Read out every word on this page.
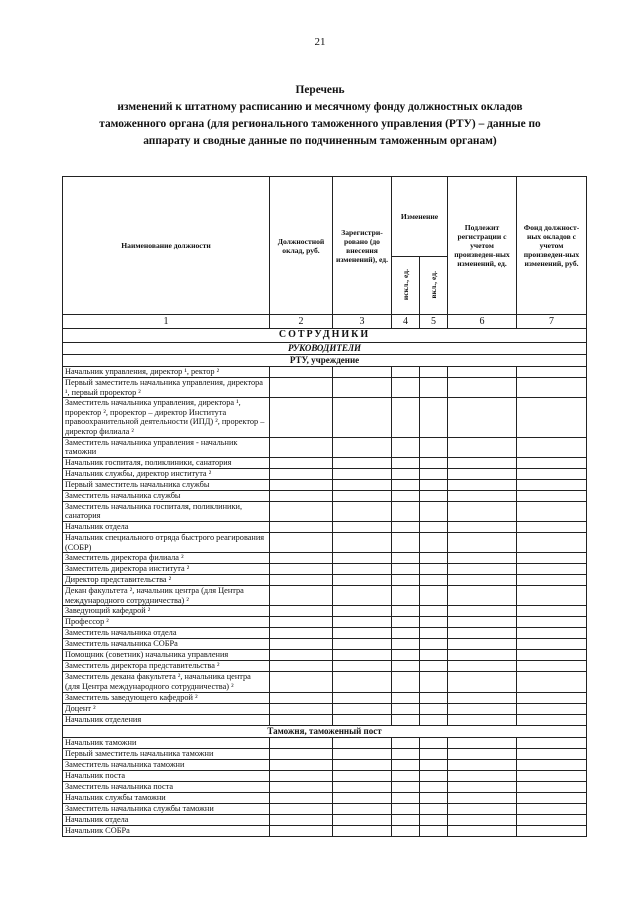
21
Перечень
изменений к штатному расписанию и месячному фонду должностных окладов
таможенного органа (для регионального таможенного управления (РТУ) – данные по
аппарату и сводные данные по подчиненным таможенным органам)
Наименование должности	Должностной оклад, руб.	Зарегистри-ровано (до внесения изменений), ед.	Изменение		Подлежит регистрации с учетом произведен-ных изменений, ед.	Фонд должност-ных окладов с учетом произведен-ных изменений, руб.
			искл., ед.	вкл., ед.		
1	2	3	4	5	6	7
СОТРУДНИКИ						
РУКОВОДИТЕЛИ						
РТУ, учреждение						
Начальник управления, директор ¹, ректор ²						
Первый заместитель начальника управления, директора ¹, первый проректор ²						
Заместитель начальника управления, директора ¹, проректор ², проректор – директор Института правоохранительной деятельности (ИПД) ², проректор – директор филиала ²						
Заместитель начальника управления - начальник таможни						
Начальник госпиталя, поликлиники, санатория						
Начальник службы, директор института ²						
Первый заместитель начальника службы						
Заместитель начальника службы						
Заместитель начальника госпиталя, поликлиники, санатория						
Начальник отдела						
Начальник специального отряда быстрого реагирования (СОБР)						
Заместитель директора филиала ²						
Заместитель директора института ²						
Директор представительства ²						
Декан факультета ², начальник центра (для Центра международного сотрудничества) ²						
Заведующий кафедрой ²						
Профессор ²						
Заместитель начальника отдела						
Заместитель начальника СОБРа						
Помощник (советник) начальника управления						
Заместитель директора представительства ²						
Заместитель декана факультета ², начальника центра (для Центра международного сотрудничества) ²						
Заместитель заведующего кафедрой ²						
Доцент ²						
Начальник отделения						
Таможня, таможенный пост						
Начальник таможни						
Первый заместитель начальника таможни						
Заместитель начальника таможни						
Начальник поста						
Заместитель начальника поста						
Начальник службы таможни						
Заместитель начальника службы таможни						
Начальник отдела						
Начальник СОБРа						
